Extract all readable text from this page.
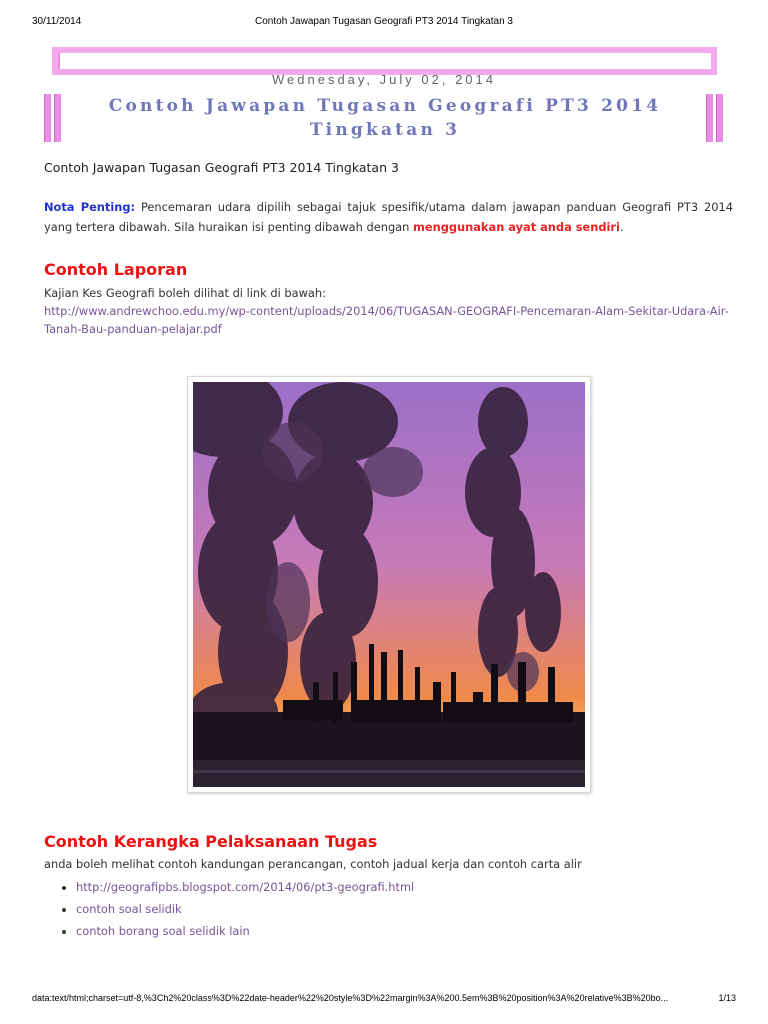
30/11/2014	Contoh Jawapan Tugasan Geografi PT3 2014 Tingkatan 3
Wednesday, July 02, 2014
Contoh Jawapan Tugasan Geografi PT3 2014 Tingkatan 3
Contoh Jawapan Tugasan Geografi PT3 2014 Tingkatan 3
Nota Penting: Pencemaran udara dipilih sebagai tajuk spesifik/utama dalam jawapan panduan Geografi PT3 2014 yang tertera dibawah. Sila huraikan isi penting dibawah dengan menggunakan ayat anda sendiri.
Contoh Laporan
Kajian Kes Geografi boleh dilihat di link di bawah:
http://www.andrewchoo.edu.my/wp-content/uploads/2014/06/TUGASAN-GEOGRAFI-Pencemaran-Alam-Sekitar-Udara-Air-Tanah-Bau-panduan-pelajar.pdf
Contoh Kerangka Pelaksanaan Tugas
anda boleh melihat contoh kandungan perancangan, contoh jadual kerja dan contoh carta alir
• http://geografipbs.blogspot.com/2014/06/pt3-geografi.html
• contoh soal selidik
• contoh borang soal selidik lain
data:text/html;charset=utf-8,%3Ch2%20class%3D%22date-header%22%20style%3D%22margin%3A%200.5em%3B%20position%3A%20relative%3B%20bo...	1/13
